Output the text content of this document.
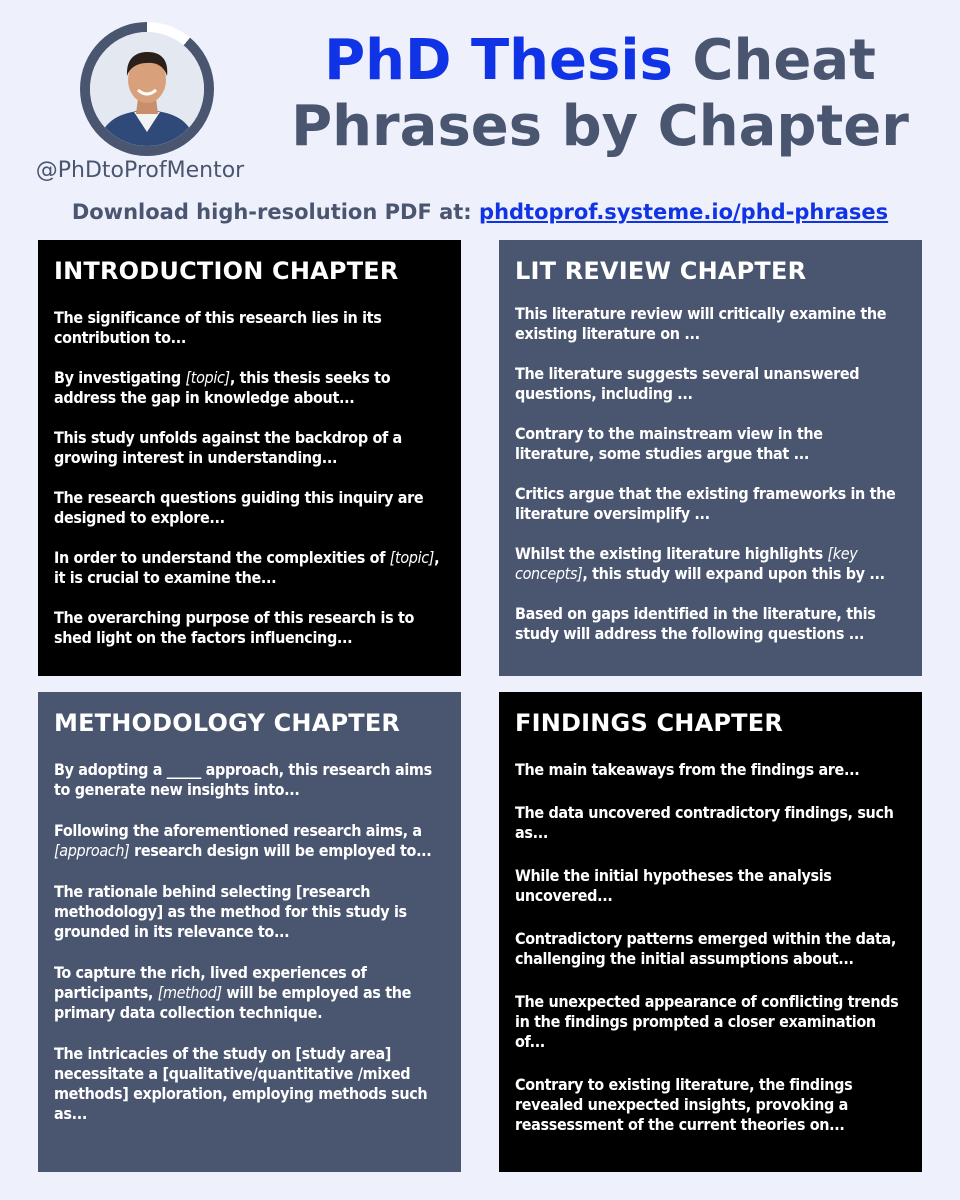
@PhDtoProfMentor
PhD Thesis Cheat
Phrases by Chapter
Download high-resolution PDF at: phdtoprof.systeme.io/phd-phrases
INTRODUCTION CHAPTER
The significance of this research lies in its contribution to...
By investigating [topic], this thesis seeks to address the gap in knowledge about...
This study unfolds against the backdrop of a growing interest in understanding...
The research questions guiding this inquiry are designed to explore...
In order to understand the complexities of [topic], it is crucial to examine the...
The overarching purpose of this research is to shed light on the factors influencing...
LIT REVIEW CHAPTER
This literature review will critically examine the existing literature on ...
The literature suggests several unanswered questions, including ...
Contrary to the mainstream view in the literature, some studies argue that ...
Critics argue that the existing frameworks in the literature oversimplify ...
Whilst the existing literature highlights [key concepts], this study will expand upon this by ...
Based on gaps identified in the literature, this study will address the following questions ...
METHODOLOGY CHAPTER
By adopting a _____ approach, this research aims to generate new insights into...
Following the aforementioned research aims, a [approach] research design will be employed to...
The rationale behind selecting [research methodology] as the method for this study is grounded in its relevance to...
To capture the rich, lived experiences of participants, [method] will be employed as the primary data collection technique.
The intricacies of the study on [study area] necessitate a [qualitative/quantitative /mixed methods] exploration, employing methods such as...
FINDINGS CHAPTER
The main takeaways from the findings are...
The data uncovered contradictory findings, such as...
While the initial hypotheses the analysis uncovered...
Contradictory patterns emerged within the data, challenging the initial assumptions about...
The unexpected appearance of conflicting trends in the findings prompted a closer examination of...
Contrary to existing literature, the findings revealed unexpected insights, provoking a reassessment of the current theories on...
